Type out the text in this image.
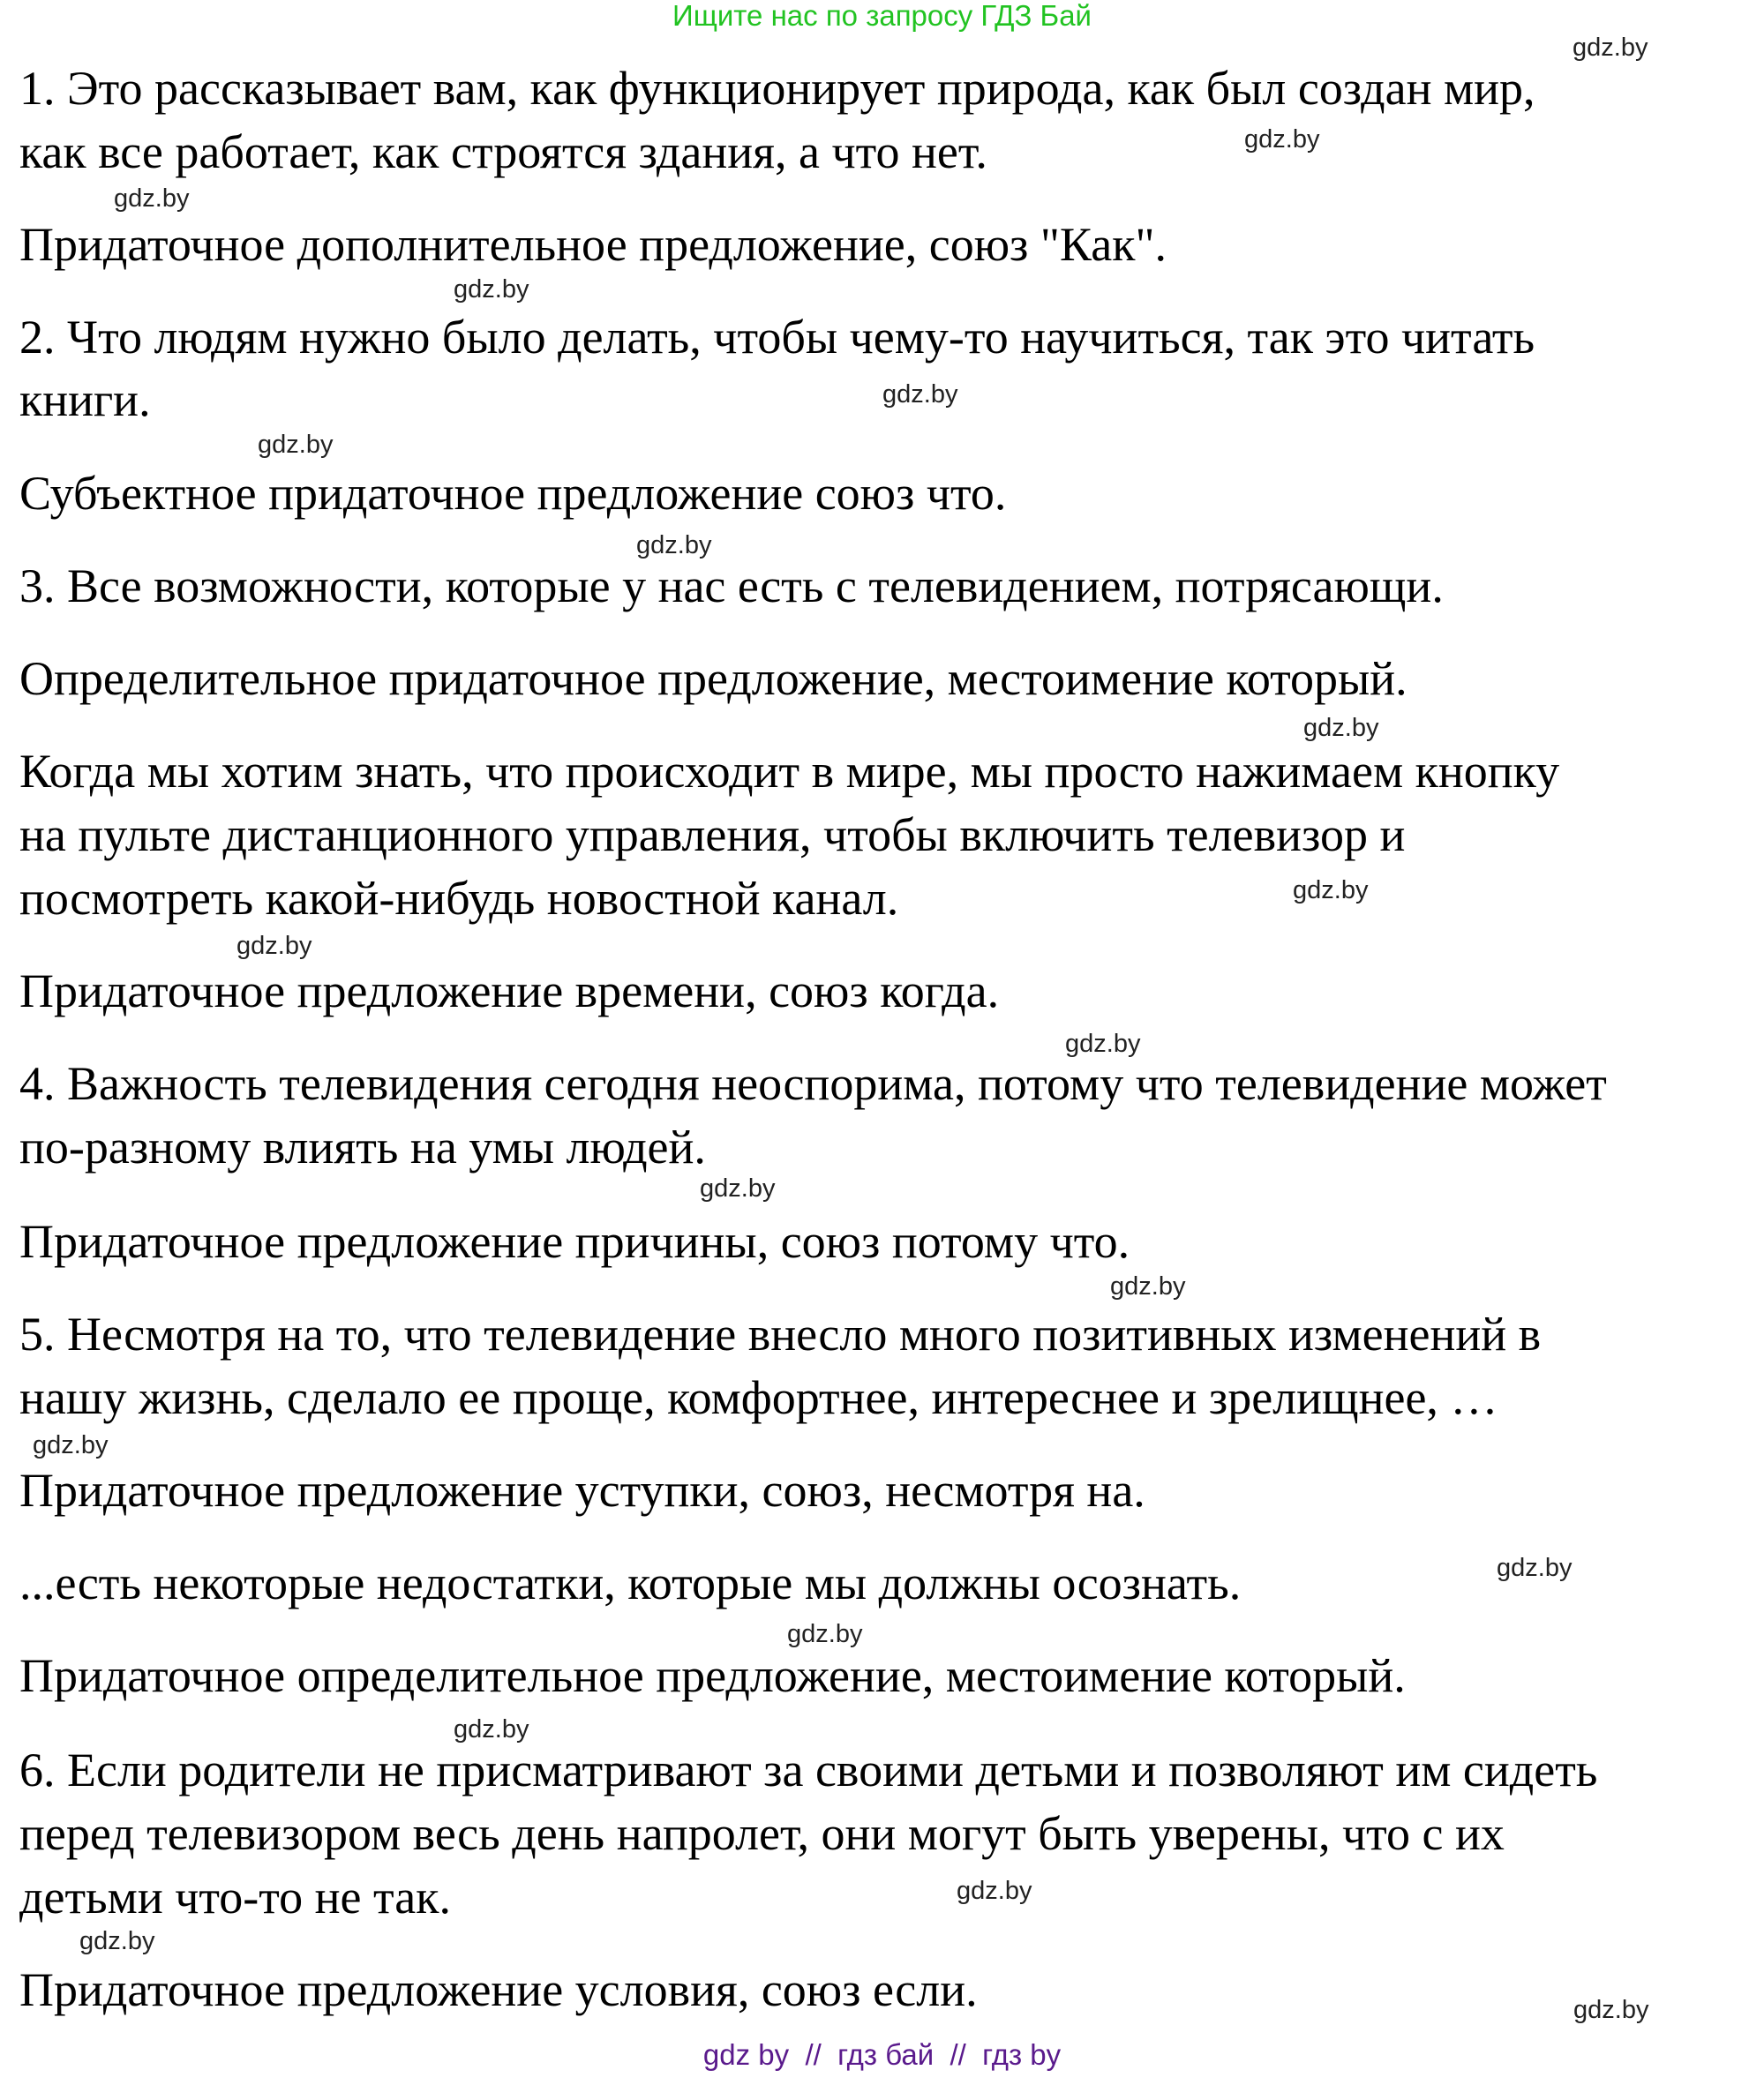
Ищите нас по запросу ГДЗ Бай
1. Это рассказывает вам, как функционирует природа, как был создан мир,
как все работает, как строятся здания, а что нет.
Придаточное дополнительное предложение, союз "Как".
2. Что людям нужно было делать, чтобы чему-то научиться, так это читать
книги.
Субъектное придаточное предложение союз что.
3. Все возможности, которые у нас есть с телевидением, потрясающи.
Определительное придаточное предложение, местоимение который.
Когда мы хотим знать, что происходит в мире, мы просто нажимаем кнопку
на пульте дистанционного управления, чтобы включить телевизор и
посмотреть какой-нибудь новостной канал.
Придаточное предложение времени, союз когда.
4. Важность телевидения сегодня неоспорима, потому что телевидение может
по-разному влиять на умы людей.
Придаточное предложение причины, союз потому что.
5. Несмотря на то, что телевидение внесло много позитивных изменений в
нашу жизнь, сделало ее проще, комфортнее, интереснее и зрелищнее, …
Придаточное предложение уступки, союз, несмотря на.
...есть некоторые недостатки, которые мы должны осознать.
Придаточное определительное предложение, местоимение который.
6. Если родители не присматривают за своими детьми и позволяют им сидеть
перед телевизором весь день напролет, они могут быть уверены, что с их
детьми что-то не так.
Придаточное предложение условия, союз если.
gdz.by
gdz.by
gdz.by
gdz.by
gdz.by
gdz.by
gdz.by
gdz.by
gdz.by
gdz.by
gdz.by
gdz.by
gdz.by
gdz.by
gdz.by
gdz.by
gdz.by
gdz.by
gdz.by
gdz.by
gdz by  //  гдз бай  //  гдз by
